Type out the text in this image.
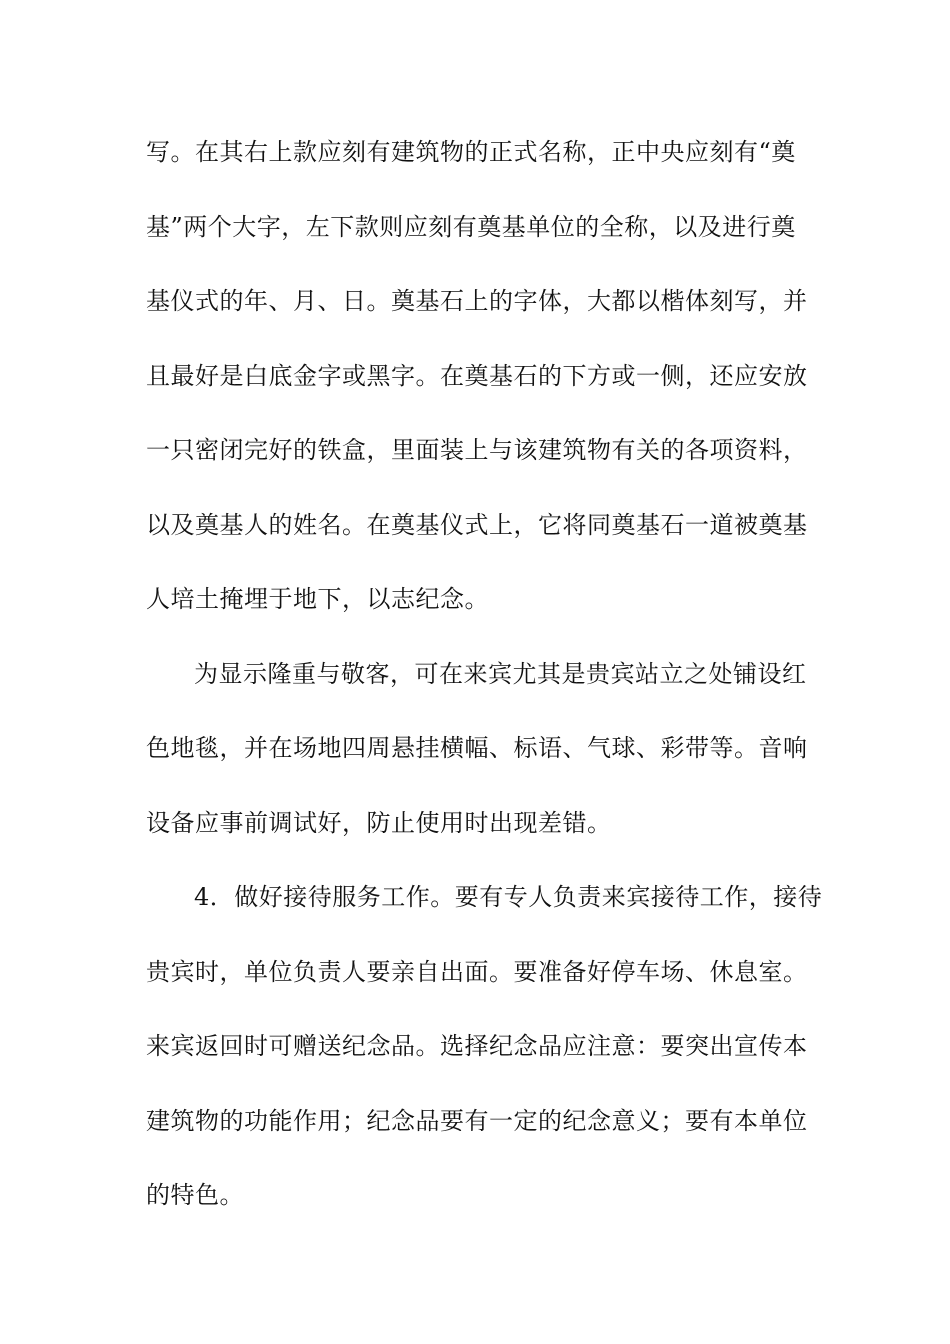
写。在其右上款应刻有建筑物的正式名称，正中央应刻有“奠
基”两个大字，左下款则应刻有奠基单位的全称，以及进行奠
基仪式的年、月、日。奠基石上的字体，大都以楷体刻写，并
且最好是白底金字或黑字。在奠基石的下方或一侧，还应安放
一只密闭完好的铁盒，里面装上与该建筑物有关的各项资料，
以及奠基人的姓名。在奠基仪式上，它将同奠基石一道被奠基
人培土掩埋于地下，以志纪念。
为显示隆重与敬客，可在来宾尤其是贵宾站立之处铺设红
色地毯，并在场地四周悬挂横幅、标语、气球、彩带等。音响
设备应事前调试好，防止使用时出现差错。
4．做好接待服务工作。要有专人负责来宾接待工作，接待
贵宾时，单位负责人要亲自出面。要准备好停车场、休息室。
来宾返回时可赠送纪念品。选择纪念品应注意：要突出宣传本
建筑物的功能作用；纪念品要有一定的纪念意义；要有本单位
的特色。
